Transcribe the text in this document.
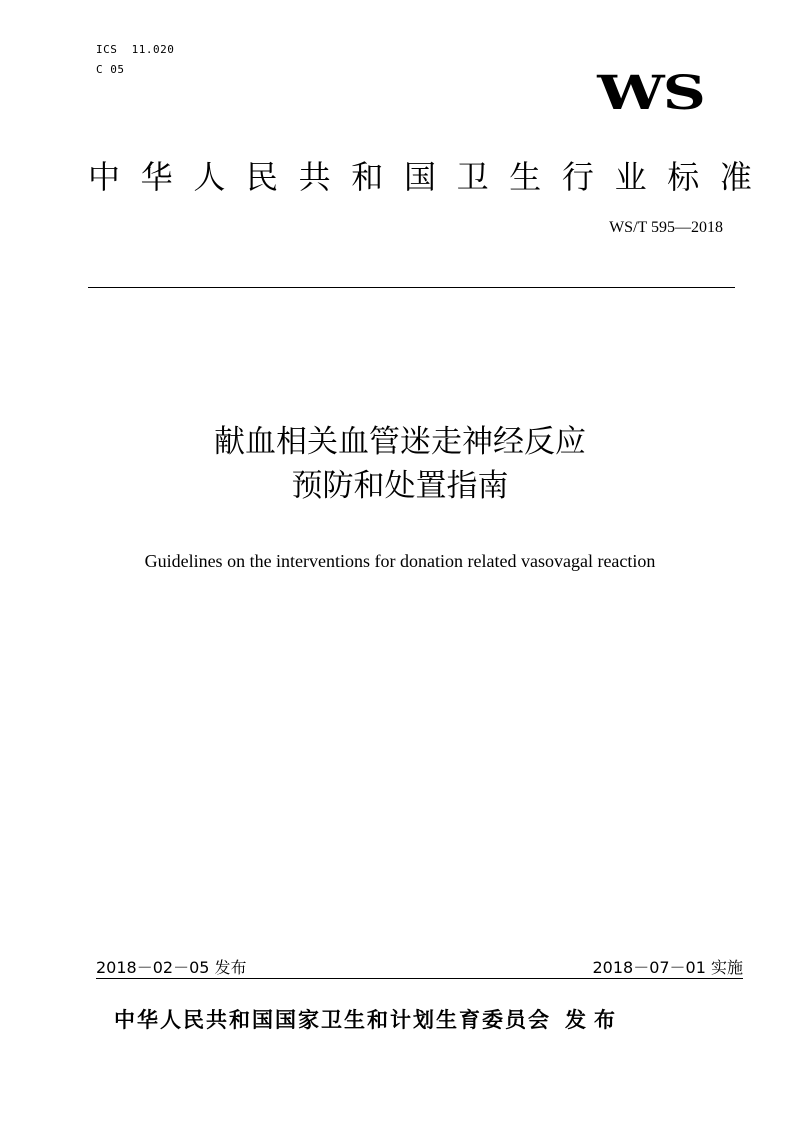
ICS  11.020
C 05	WS
中 华 人 民 共 和 国 卫 生 行 业 标 准
WS/T 595—2018
献血相关血管迷走神经反应
预防和处置指南
Guidelines on the interventions for donation related vasovagal reaction
2018－02－05 发布	2018－07－01 实施
中华人民共和国国家卫生和计划生育委员会 发布
